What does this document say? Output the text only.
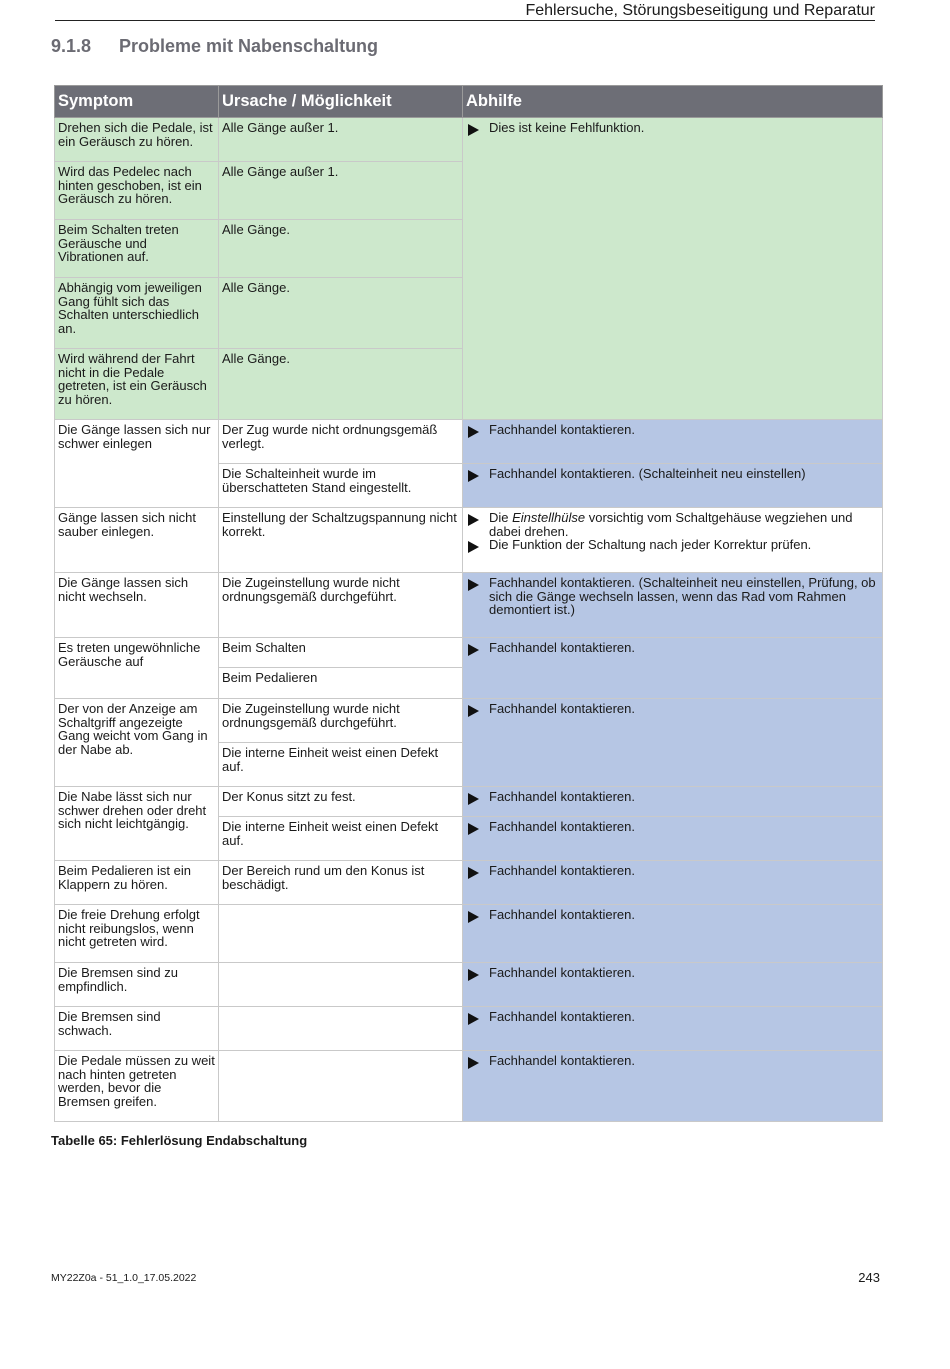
Fehlersuche, Störungsbeseitigung und Reparatur
9.1.8 Probleme mit Nabenschaltung
Symptom	Ursache / Möglichkeit	Abhilfe
Drehen sich die Pedale, ist ein Geräusch zu hören.	Alle Gänge außer 1.	Dies ist keine Fehlfunktion.

Wird das Pedelec nach hinten geschoben, ist ein Geräusch zu hören.	Alle Gänge außer 1.	
Beim Schalten treten Geräusche und Vibrationen auf.	Alle Gänge.	
Abhängig vom jeweiligen Gang fühlt sich das Schalten unterschiedlich an.	Alle Gänge.	
Wird während der Fahrt nicht in die Pedale getreten, ist ein Geräusch zu hören.	Alle Gänge.	
Die Gänge lassen sich nur schwer einlegen	Der Zug wurde nicht ordnungsgemäß verlegt.	Fachhandel kontaktieren.

	Die Schalteinheit wurde im überschatteten Stand eingestellt.	Fachhandel kontaktieren. (Schalteinheit neu einstellen)

Gänge lassen sich nicht sauber einlegen.	Einstellung der Schaltzugspannung nicht korrekt.	Die Einstellhülse vorsichtig vom Schaltgehäuse wegziehen und dabei drehen.
Die Funktion der Schaltung nach jeder Korrektur prüfen.

Die Gänge lassen sich nicht wechseln.	Die Zugeinstellung wurde nicht ordnungsgemäß durchgeführt.	Fachhandel kontaktieren. (Schalteinheit neu einstellen, Prüfung, ob sich die Gänge wechseln lassen, wenn das Rad vom Rahmen demontiert ist.)

Es treten ungewöhnliche Geräusche auf	Beim Schalten	Fachhandel kontaktieren.

	Beim Pedalieren	
Der von der Anzeige am Schaltgriff angezeigte Gang weicht vom Gang in der Nabe ab.	Die Zugeinstellung wurde nicht ordnungsgemäß durchgeführt.	Fachhandel kontaktieren.

	Die interne Einheit weist einen Defekt auf.	
Die Nabe lässt sich nur schwer drehen oder dreht sich nicht leichtgängig.	Der Konus sitzt zu fest.	Fachhandel kontaktieren.

	Die interne Einheit weist einen Defekt auf.	Fachhandel kontaktieren.

Beim Pedalieren ist ein Klappern zu hören.	Der Bereich rund um den Konus ist beschädigt.	Fachhandel kontaktieren.

Die freie Drehung erfolgt nicht reibungslos, wenn nicht getreten wird.		Fachhandel kontaktieren.

Die Bremsen sind zu empfindlich.		Fachhandel kontaktieren.

Die Bremsen sind schwach.		Fachhandel kontaktieren.

Die Pedale müssen zu weit nach hinten getreten werden, bevor die Bremsen greifen.		Fachhandel kontaktieren.
Tabelle 65: Fehlerlösung Endabschaltung
MY22Z0a - 51_1.0_17.05.2022	243
